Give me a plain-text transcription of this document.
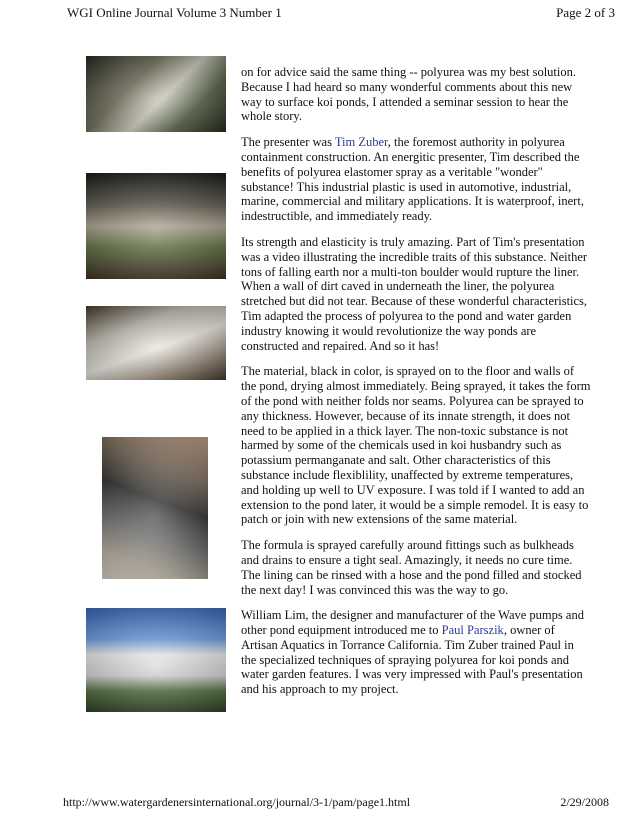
WGI Online Journal Volume 3 Number 1	Page 2 of 3

on for advice said the same thing -- polyurea was my best solution. Because I had heard so many wonderful comments about this new way to surface koi ponds, I attended a seminar session to hear the whole story.

The presenter was Tim Zuber, the foremost authority in polyurea containment construction. An energitic presenter, Tim described the benefits of polyurea elastomer spray as a veritable "wonder" substance! This industrial plastic is used in automotive, industrial, marine, commercial and military applications. It is waterproof, inert, indestructible, and immediately ready.

Its strength and elasticity is truly amazing. Part of Tim's presentation was a video illustrating the incredible traits of this substance. Neither tons of falling earth nor a multi-ton boulder would rupture the liner. When a wall of dirt caved in underneath the liner, the polyurea stretched but did not tear. Because of these wonderful characteristics, Tim adapted the process of polyurea to the pond and water garden industry knowing it would revolutionize the way ponds are constructed and repaired. And so it has!

The material, black in color, is sprayed on to the floor and walls of the pond, drying almost immediately. Being sprayed, it takes the form of the pond with neither folds nor seams. Polyurea can be sprayed to any thickness. However, because of its innate strength, it does not need to be applied in a thick layer. The non-toxic substance is not harmed by some of the chemicals used in koi husbandry such as potassium permanganate and salt. Other characteristics of this substance include flexiblility, unaffected by extreme temperatures, and holding up well to UV exposure. I was told if I wanted to add an extension to the pond later, it would be a simple remodel. It is easy to patch or join with new extensions of the same material.

The formula is sprayed carefully around fittings such as bulkheads and drains to ensure a tight seal. Amazingly, it needs no cure time. The lining can be rinsed with a hose and the pond filled and stocked the next day! I was convinced this was the way to go.

William Lim, the designer and manufacturer of the Wave pumps and other pond equipment introduced me to Paul Parszik, owner of Artisan Aquatics in Torrance California. Tim Zuber trained Paul in the specialized techniques of spraying polyurea for koi ponds and water garden features. I was very impressed with Paul's presentation and his approach to my project.

http://www.watergardenersinternational.org/journal/3-1/pam/page1.html	2/29/2008
